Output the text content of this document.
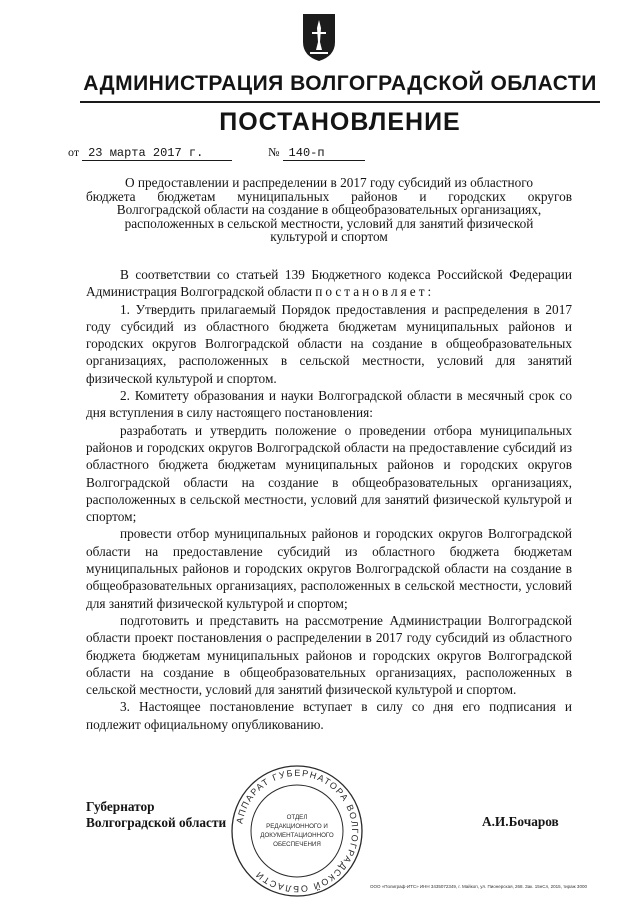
АДМИНИСТРАЦИЯ ВОЛГОГРАДСКОЙ ОБЛАСТИ
ПОСТАНОВЛЕНИЕ
от 23 марта 2017 г.	№ 140-п
О предоставлении и распределении в 2017 году субсидий из областного
бюджета бюджетам муниципальных районов и городских округов
Волгоградской области на создание в общеобразовательных организациях,
расположенных в сельской местности, условий для занятий физической
культурой и спортом

В соответствии со статьей 139 Бюджетного кодекса Российской Федерации Администрация Волгоградской области постановляет:

1. Утвердить прилагаемый Порядок предоставления и распределения в 2017 году субсидий из областного бюджета бюджетам муниципальных районов и городских округов Волгоградской области на создание в общеобразовательных организациях, расположенных в сельской местности, условий для занятий физической культурой и спортом.

2. Комитету образования и науки Волгоградской области в месячный срок со дня вступления в силу настоящего постановления:

разработать и утвердить положение о проведении отбора муниципальных районов и городских округов Волгоградской области на предоставление субсидий из областного бюджета бюджетам муниципальных районов и городских округов Волгоградской области на создание в общеобразовательных организациях, расположенных в сельской местности, условий для занятий физической культурой и спортом;

провести отбор муниципальных районов и городских округов Волгоградской области на предоставление субсидий из областного бюджета бюджетам муниципальных районов и городских округов Волгоградской области на создание в общеобразовательных организациях, расположенных в сельской местности, условий для занятий физической культурой и спортом;

подготовить и представить на рассмотрение Администрации Волгоградской области проект постановления о распределении в 2017 году субсидий из областного бюджета бюджетам муниципальных районов и городских округов Волгоградской области на создание в общеобразовательных организациях, расположенных в сельской местности, условий для занятий физической культурой и спортом.

3. Настоящее постановление вступает в силу со дня его подписания и подлежит официальному опубликованию.

Губернатор
Волгоградской области	А.И.Бочаров
АППАРАТ ГУБЕРНАТОРА ВОЛГОГРАДСКОЙ ОБЛАСТИ
ОТДЕЛ
РЕДАКЦИОННОГО И
ДОКУМЕНТАЦИОННОГО
ОБЕСПЕЧЕНИЯ
ООО «Полиграф-ИТС» ИНН 3435072349, г. Майкоп, ул. Пионерская, 268. Зак. 15нСл, 2015, тираж 3000
